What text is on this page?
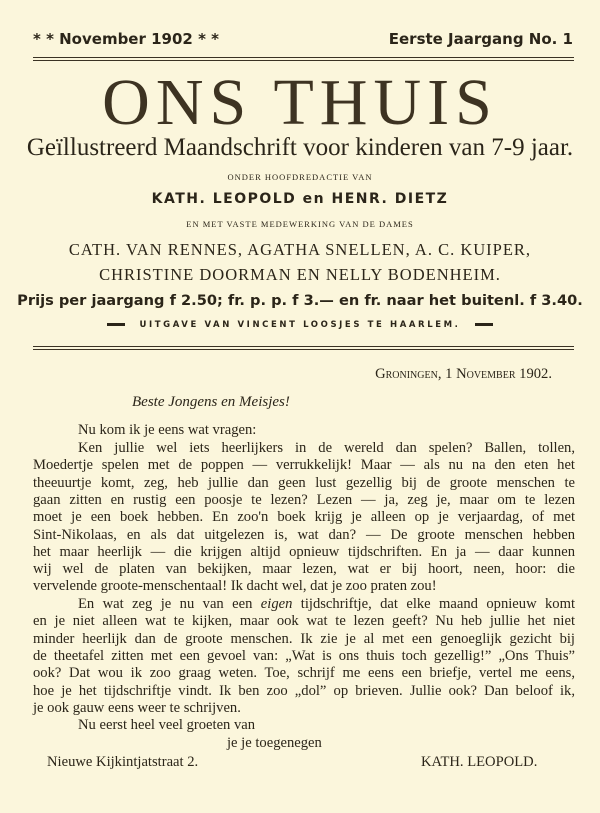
* * November 1902 * *	Eerste Jaargang No. 1
ONS THUIS
Geïllustreerd Maandschrift voor kinderen van 7-9 jaar.
ONDER HOOFDREDACTIE VAN
KATH. LEOPOLD en HENR. DIETZ
EN MET VASTE MEDEWERKING VAN DE DAMES
CATH. VAN RENNES, AGATHA SNELLEN, A. C. KUIPER,
CHRISTINE DOORMAN EN NELLY BODENHEIM.
Prijs per jaargang f 2.50; fr. p. p. f 3.— en fr. naar het buitenl. f 3.40.
UITGAVE VAN VINCENT LOOSJES TE HAARLEM.
Groningen, 1 November 1902.
Beste Jongens en Meisjes!
Nu kom ik je eens wat vragen:
Ken jullie wel iets heerlijkers in de wereld dan spelen? Ballen, tollen,
Moedertje spelen met de poppen — verrukkelijk! Maar — als nu na den eten het
theeuurtje komt, zeg, heb jullie dan geen lust gezellig bij de groote menschen te
gaan zitten en rustig een poosje te lezen? Lezen — ja, zeg je, maar om te lezen
moet je een boek hebben. En zoo'n boek krijg je alleen op je verjaardag, of met
Sint-Nikolaas, en als dat uitgelezen is, wat dan? — De groote menschen hebben
het maar heerlijk — die krijgen altijd opnieuw tijdschriften. En ja — daar kunnen
wij wel de platen van bekijken, maar lezen, wat er bij hoort, neen, hoor: die
vervelende groote-menschentaal! Ik dacht wel, dat je zoo praten zou!
En wat zeg je nu van een eigen tijdschriftje, dat elke maand opnieuw komt
en je niet alleen wat te kijken, maar ook wat te lezen geeft? Nu heb jullie het niet
minder heerlijk dan de groote menschen. Ik zie je al met een genoeglijk gezicht bij
de theetafel zitten met een gevoel van: „Wat is ons thuis toch gezellig!” „Ons Thuis”
ook? Dat wou ik zoo graag weten. Toe, schrijf me eens een briefje, vertel me eens,
hoe je het tijdschriftje vindt. Ik ben zoo „dol” op brieven. Jullie ook? Dan beloof ik,
je ook gauw eens weer te schrijven.
Nu eerst heel veel groeten van
je je toegenegen
Nieuwe Kijkintjatstraat 2.	KATH. LEOPOLD.
